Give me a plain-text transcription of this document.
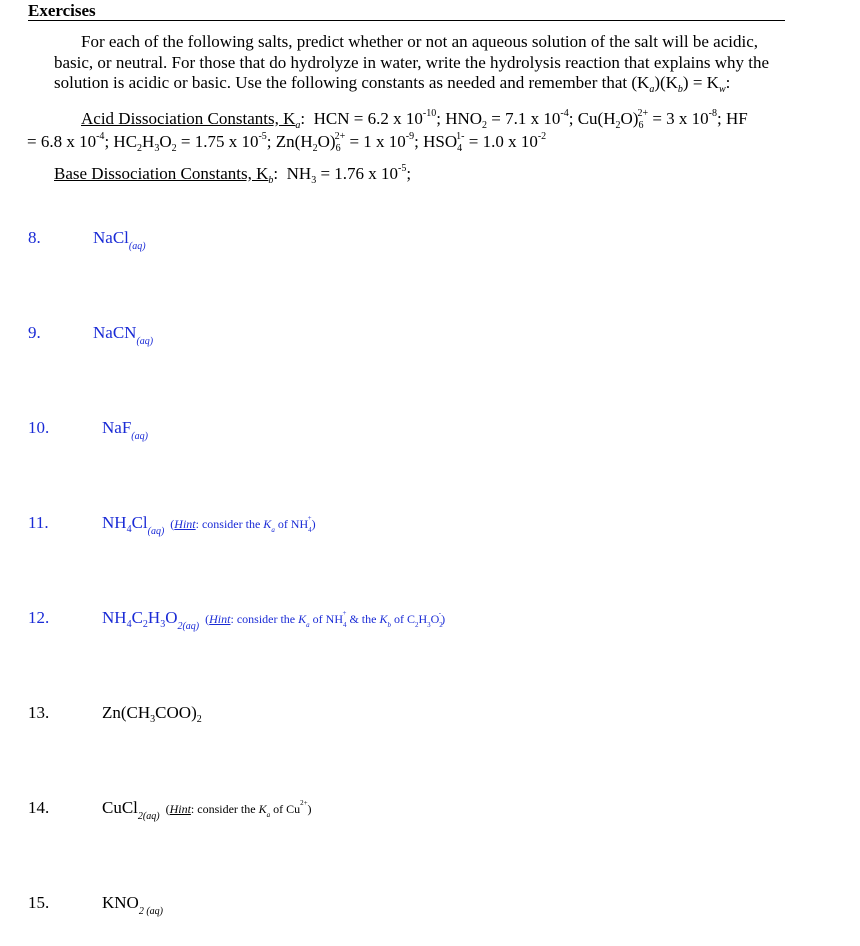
Exercises

For each of the following salts, predict whether or not an aqueous solution of the salt will be acidic, basic, or neutral. For those that do hydrolyze in water, write the hydrolysis reaction that explains why the solution is acidic or basic. Use the following constants as needed and remember that $(K_a)(K_b) = K_w$:

Acid Dissociation Constants, $K_a$:  HCN = 6.2 x $10^{-10}$; $HNO_2 = 7.1$ x $10^{-4}$; $Cu(H_2O)_6^{2+} = 3$ x $10^{-8}$; HF
= 6.8 x $10^{-4}$; $HC_2H_3O_2 = 1.75$ x $10^{-5}$; $Zn(H_2O)_6^{2+} = 1$ x $10^{-9}$; $HSO_4^{1-} = 1.0$ x $10^{-2}$

Base Dissociation Constants, $K_b$:  $NH_3 = 1.76$ x $10^{-5}$;

8.	NaCl$_{(aq)}$
9.	NaCN$_{(aq)}$
10.	NaF$_{(aq)}$
11.	$NH_4Cl_{(aq)}(Hint$: consider the $K_a$ of $NH_4^+$)
12.	$NH_4C_2H_3O_{2(aq)}(Hint$: consider the $K_a$ of $NH_4^+$ & the $K_b$ of $C_2H_3O_2^-$)
13.	$Zn(CH_3COO)_2$
14.	CuCl$_{2(aq)}$(Hint: consider the $K_a$ of $Cu^{2+}$)
15.	$KNO_{2 (aq)}$
